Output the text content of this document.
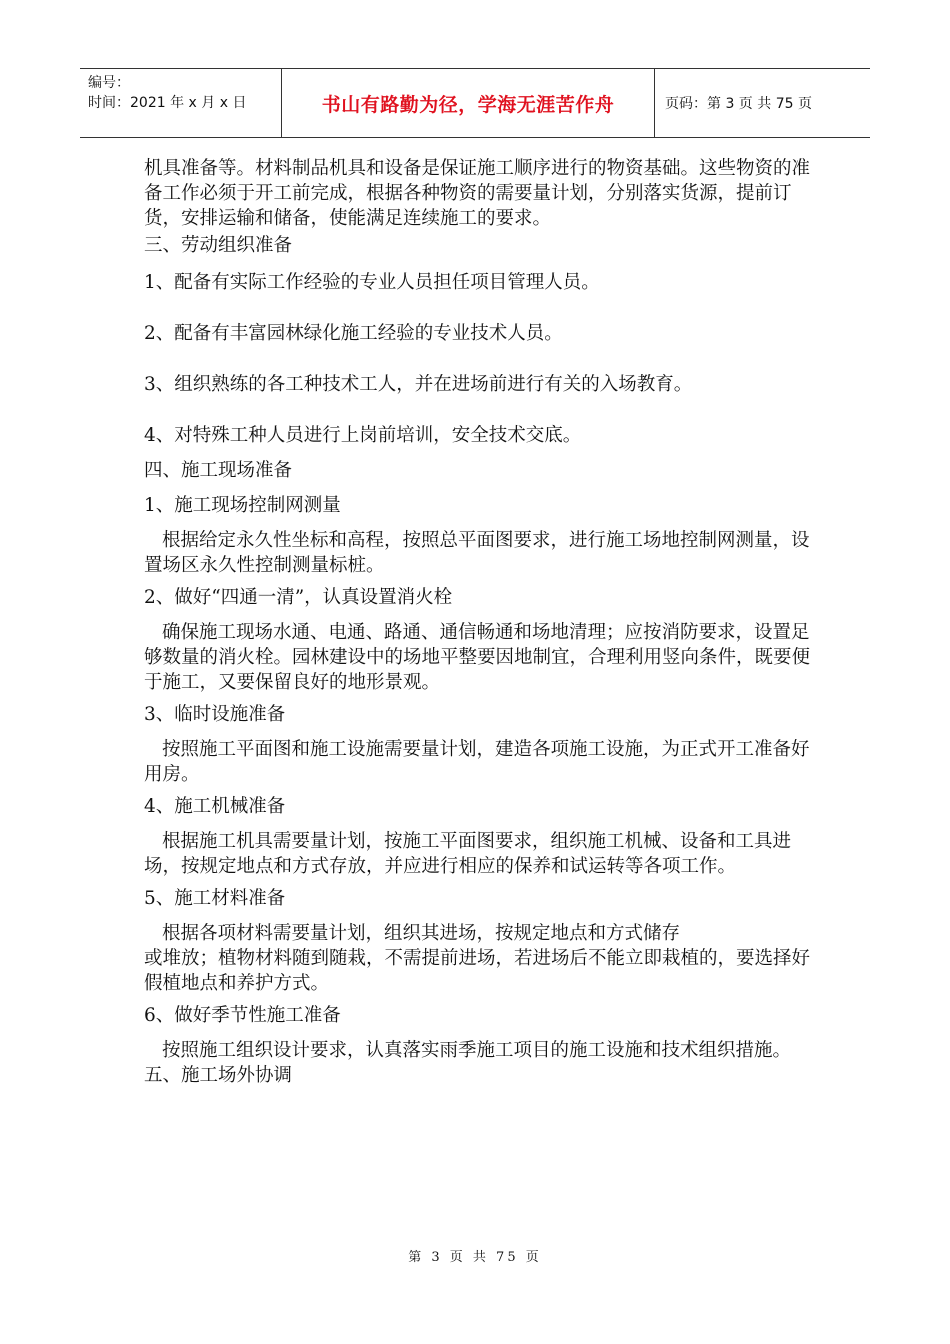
编号：
时间：2021 年 x 月 x 日	书山有路勤为径，学海无涯苦作舟	页码：第 3 页 共 75 页

机具准备等。材料制品机具和设备是保证施工顺序进行的物资基础。这些物资的准备工作必须于开工前完成，根据各种物资的需要量计划，分别落实货源，提前订货，安排运输和储备，使能满足连续施工的要求。

三、劳动组织准备

1、配备有实际工作经验的专业人员担任项目管理人员。

2、配备有丰富园林绿化施工经验的专业技术人员。

3、组织熟练的各工种技术工人，并在进场前进行有关的入场教育。

4、对特殊工种人员进行上岗前培训，安全技术交底。

四、施工现场准备

1、施工现场控制网测量

根据给定永久性坐标和高程，按照总平面图要求，进行施工场地控制网测量，设置场区永久性控制测量标桩。

2、做好“四通一清”，认真设置消火栓

确保施工现场水通、电通、路通、通信畅通和场地清理；应按消防要求，设置足够数量的消火栓。园林建设中的场地平整要因地制宜，合理利用竖向条件，既要便于施工，又要保留良好的地形景观。

3、临时设施准备

按照施工平面图和施工设施需要量计划，建造各项施工设施，为正式开工准备好用房。

4、施工机械准备

根据施工机具需要量计划，按施工平面图要求，组织施工机械、设备和工具进场，按规定地点和方式存放，并应进行相应的保养和试运转等各项工作。

5、施工材料准备

根据各项材料需要量计划，组织其进场，按规定地点和方式储存

或堆放；植物材料随到随栽，不需提前进场，若进场后不能立即栽植的，要选择好假植地点和养护方式。

6、做好季节性施工准备

按照施工组织设计要求，认真落实雨季施工项目的施工设施和技术组织措施。

五、施工场外协调

第 3 页 共 75 页
